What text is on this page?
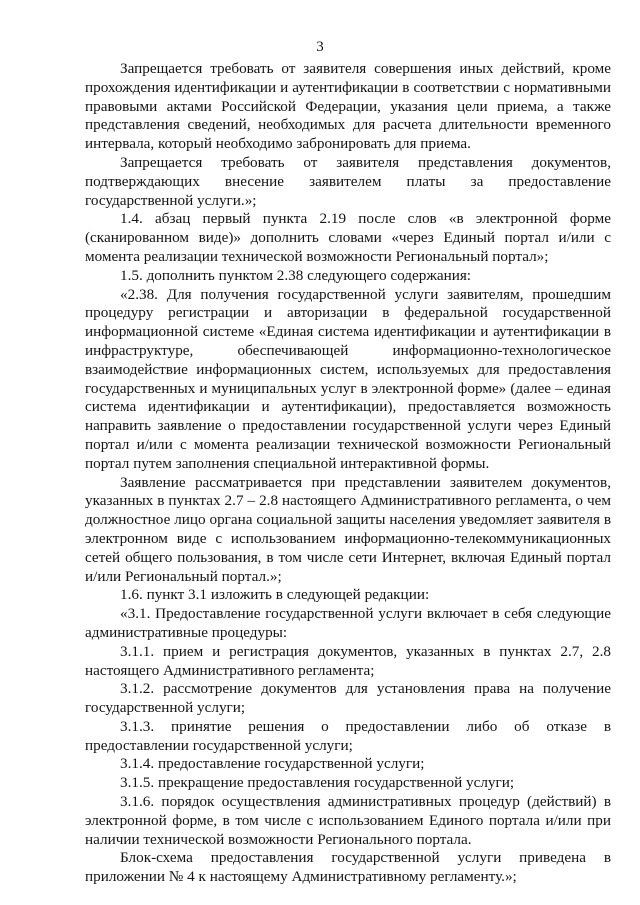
3

Запрещается требовать от заявителя совершения иных действий, кроме прохождения идентификации и аутентификации в соответствии с нормативными правовыми актами Российской Федерации, указания цели приема, а также представления сведений, необходимых для расчета длительности временного интервала, который необходимо забронировать для приема.

Запрещается требовать от заявителя представления документов, подтверждающих внесение заявителем платы за предоставление государственной услуги.»;

1.4. абзац первый пункта 2.19 после слов «в электронной форме (сканированном виде)» дополнить словами «через Единый портал и/или с момента реализации технической возможности Региональный портал»;

1.5. дополнить пунктом 2.38 следующего содержания:

«2.38. Для получения государственной услуги заявителям, прошедшим процедуру регистрации и авторизации в федеральной государственной информационной системе «Единая система идентификации и аутентификации в инфраструктуре, обеспечивающей информационно-технологическое взаимодействие информационных систем, используемых для предоставления государственных и муниципальных услуг в электронной форме» (далее – единая система идентификации и аутентификации), предоставляется возможность направить заявление о предоставлении государственной услуги через Единый портал и/или с момента реализации технической возможности Региональный портал путем заполнения специальной интерактивной формы.

Заявление рассматривается при представлении заявителем документов, указанных в пунктах 2.7 – 2.8 настоящего Административного регламента, о чем должностное лицо органа социальной защиты населения уведомляет заявителя в электронном виде с использованием информационно-телекоммуникационных сетей общего пользования, в том числе сети Интернет, включая Единый портал и/или Региональный портал.»;

1.6. пункт 3.1 изложить в следующей редакции:

«3.1. Предоставление государственной услуги включает в себя следующие административные процедуры:

3.1.1. прием и регистрация документов, указанных в пунктах 2.7, 2.8 настоящего Административного регламента;

3.1.2. рассмотрение документов для установления права на получение государственной услуги;

3.1.3. принятие решения о предоставлении либо об отказе в предоставлении государственной услуги;

3.1.4. предоставление государственной услуги;

3.1.5. прекращение предоставления государственной услуги;

3.1.6. порядок осуществления административных процедур (действий) в электронной форме, в том числе с использованием Единого портала и/или при наличии технической возможности Регионального портала.

Блок-схема предоставления государственной услуги приведена в приложении № 4 к настоящему Административному регламенту.»;
